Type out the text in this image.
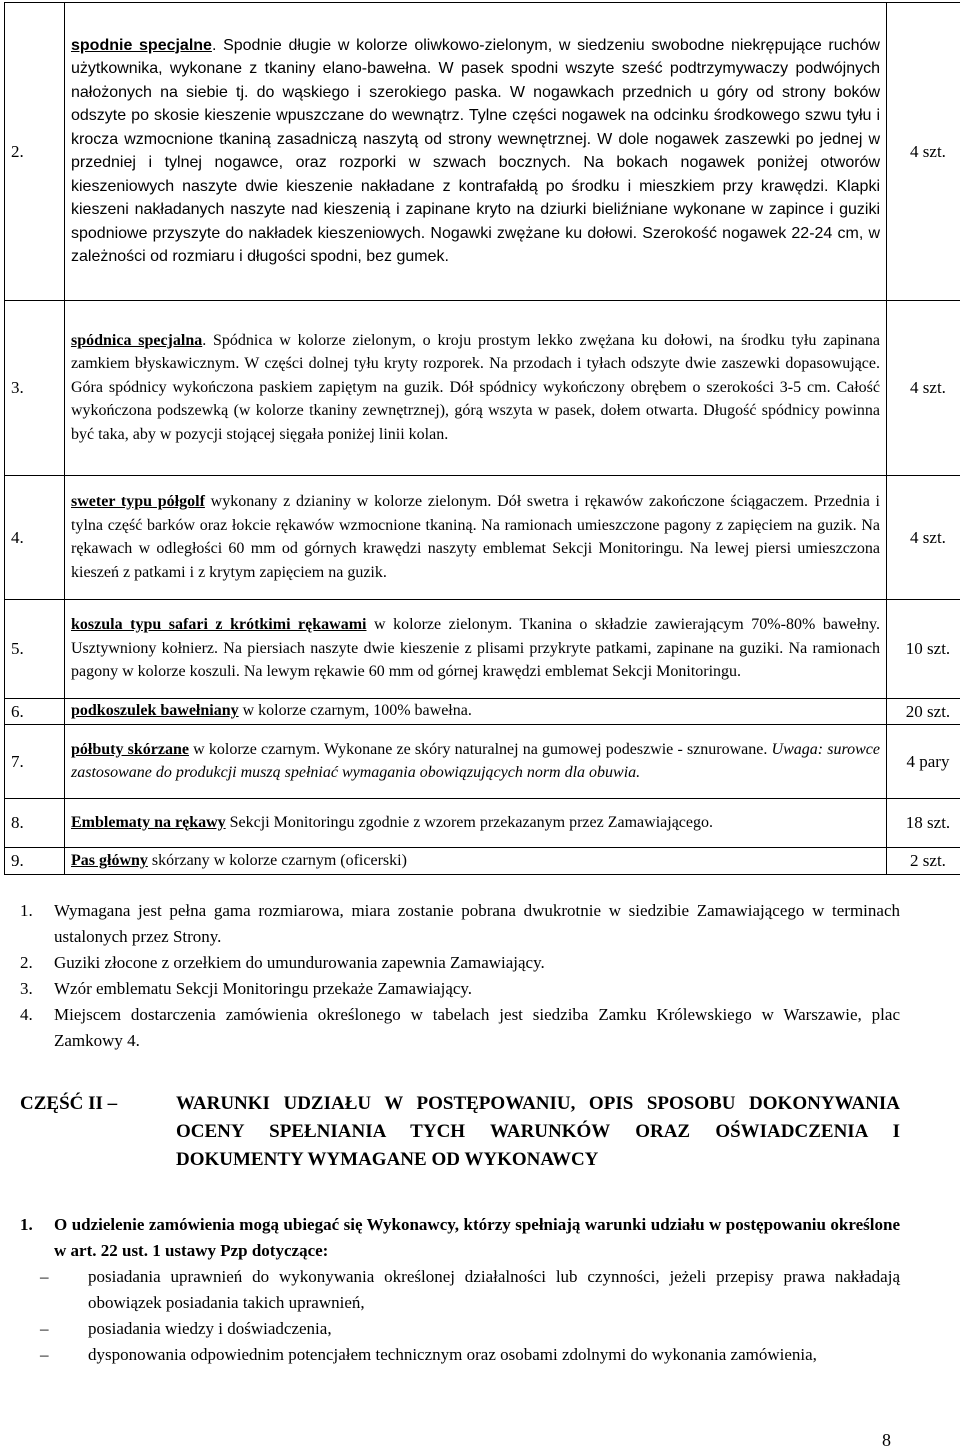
2.	spodnie specjalne. Spodnie długie w kolorze oliwkowo-zielonym, w siedzeniu swobodne niekrępujące ruchów użytkownika, wykonane z tkaniny elano-bawełna. W pasek spodni wszyte sześć podtrzymywaczy podwójnych nałożonych na siebie tj. do wąskiego i szerokiego paska. W nogawkach przednich u góry od strony boków odszyte po skosie kieszenie wpuszczane do wewnątrz. Tylne części nogawek na odcinku środkowego szwu tyłu i krocza wzmocnione tkaniną zasadniczą naszytą od strony wewnętrznej. W dole nogawek zaszewki po jednej w przedniej i tylnej nogawce, oraz rozporki w szwach bocznych. Na bokach nogawek poniżej otworów kieszeniowych naszyte dwie kieszenie nakładane z kontrafałdą po środku i mieszkiem przy krawędzi. Klapki kieszeni nakładanych naszyte nad kieszenią i zapinane kryto na dziurki bieliźniane wykonane w zapince i guziki spodniowe przyszyte do nakładek kieszeniowych. Nogawki zwężane ku dołowi. Szerokość nogawek 22-24 cm, w zależności od rozmiaru i długości spodni, bez gumek.	4 szt.
3.	spódnica specjalna. Spódnica w kolorze zielonym, o kroju prostym lekko zwężana ku dołowi, na środku tyłu zapinana zamkiem błyskawicznym. W części dolnej tyłu kryty rozporek. Na przodach i tyłach odszyte dwie zaszewki dopasowujące. Góra spódnicy wykończona paskiem zapiętym na guzik. Dół spódnicy wykończony obrębem o szerokości 3-5 cm. Całość wykończona podszewką (w kolorze tkaniny zewnętrznej), górą wszyta w pasek, dołem otwarta. Długość spódnicy powinna być taka, aby w pozycji stojącej sięgała poniżej linii kolan.	4 szt.
4.	sweter typu półgolf wykonany z dzianiny w kolorze zielonym. Dół swetra i rękawów zakończone ściągaczem. Przednia i tylna część barków oraz łokcie rękawów wzmocnione tkaniną. Na ramionach umieszczone pagony z zapięciem na guzik. Na rękawach w odległości 60 mm od górnych krawędzi naszyty emblemat Sekcji Monitoringu. Na lewej piersi umieszczona kieszeń z patkami i z krytym zapięciem na guzik.	4 szt.
5.	koszula typu safari z krótkimi rękawami w kolorze zielonym. Tkanina o składzie zawierającym 70%-80% bawełny. Usztywniony kołnierz. Na piersiach naszyte dwie kieszenie z plisami przykryte patkami, zapinane na guziki. Na ramionach pagony w kolorze koszuli. Na lewym rękawie 60 mm od górnej krawędzi emblemat Sekcji Monitoringu.	10 szt.
6.	podkoszulek bawełniany w kolorze czarnym, 100% bawełna.	20 szt.
7.	półbuty skórzane w kolorze czarnym. Wykonane ze skóry naturalnej na gumowej podeszwie - sznurowane. Uwaga: surowce zastosowane do produkcji muszą spełniać wymagania obowiązujących norm dla obuwia.	4 pary
8.	Emblematy na rękawy Sekcji Monitoringu zgodnie z wzorem przekazanym przez Zamawiającego.	18 szt.
9.	Pas główny skórzany w kolorze czarnym (oficerski)	2 szt.
1. Wymagana jest pełna gama rozmiarowa, miara zostanie pobrana dwukrotnie w siedzibie Zamawiającego w terminach ustalonych przez Strony.
2. Guziki złocone z orzełkiem do umundurowania zapewnia Zamawiający.
3. Wzór emblematu Sekcji Monitoringu przekaże Zamawiający.
4. Miejscem dostarczenia zamówienia określonego w tabelach jest siedziba Zamku Królewskiego w Warszawie, plac Zamkowy 4.
CZĘŚĆ II –	WARUNKI UDZIAŁU W POSTĘPOWANIU, OPIS SPOSOBU DOKONYWANIA OCENY SPEŁNIANIA TYCH WARUNKÓW ORAZ OŚWIADCZENIA I DOKUMENTY WYMAGANE OD WYKONAWCY
1. O udzielenie zamówienia mogą ubiegać się Wykonawcy, którzy spełniają warunki udziału w postępowaniu określone w art. 22 ust. 1 ustawy Pzp dotyczące:
– posiadania uprawnień do wykonywania określonej działalności lub czynności, jeżeli przepisy prawa nakładają obowiązek posiadania takich uprawnień,
– posiadania wiedzy i doświadczenia,
– dysponowania odpowiednim potencjałem technicznym oraz osobami zdolnymi do wykonania zamówienia,
8
